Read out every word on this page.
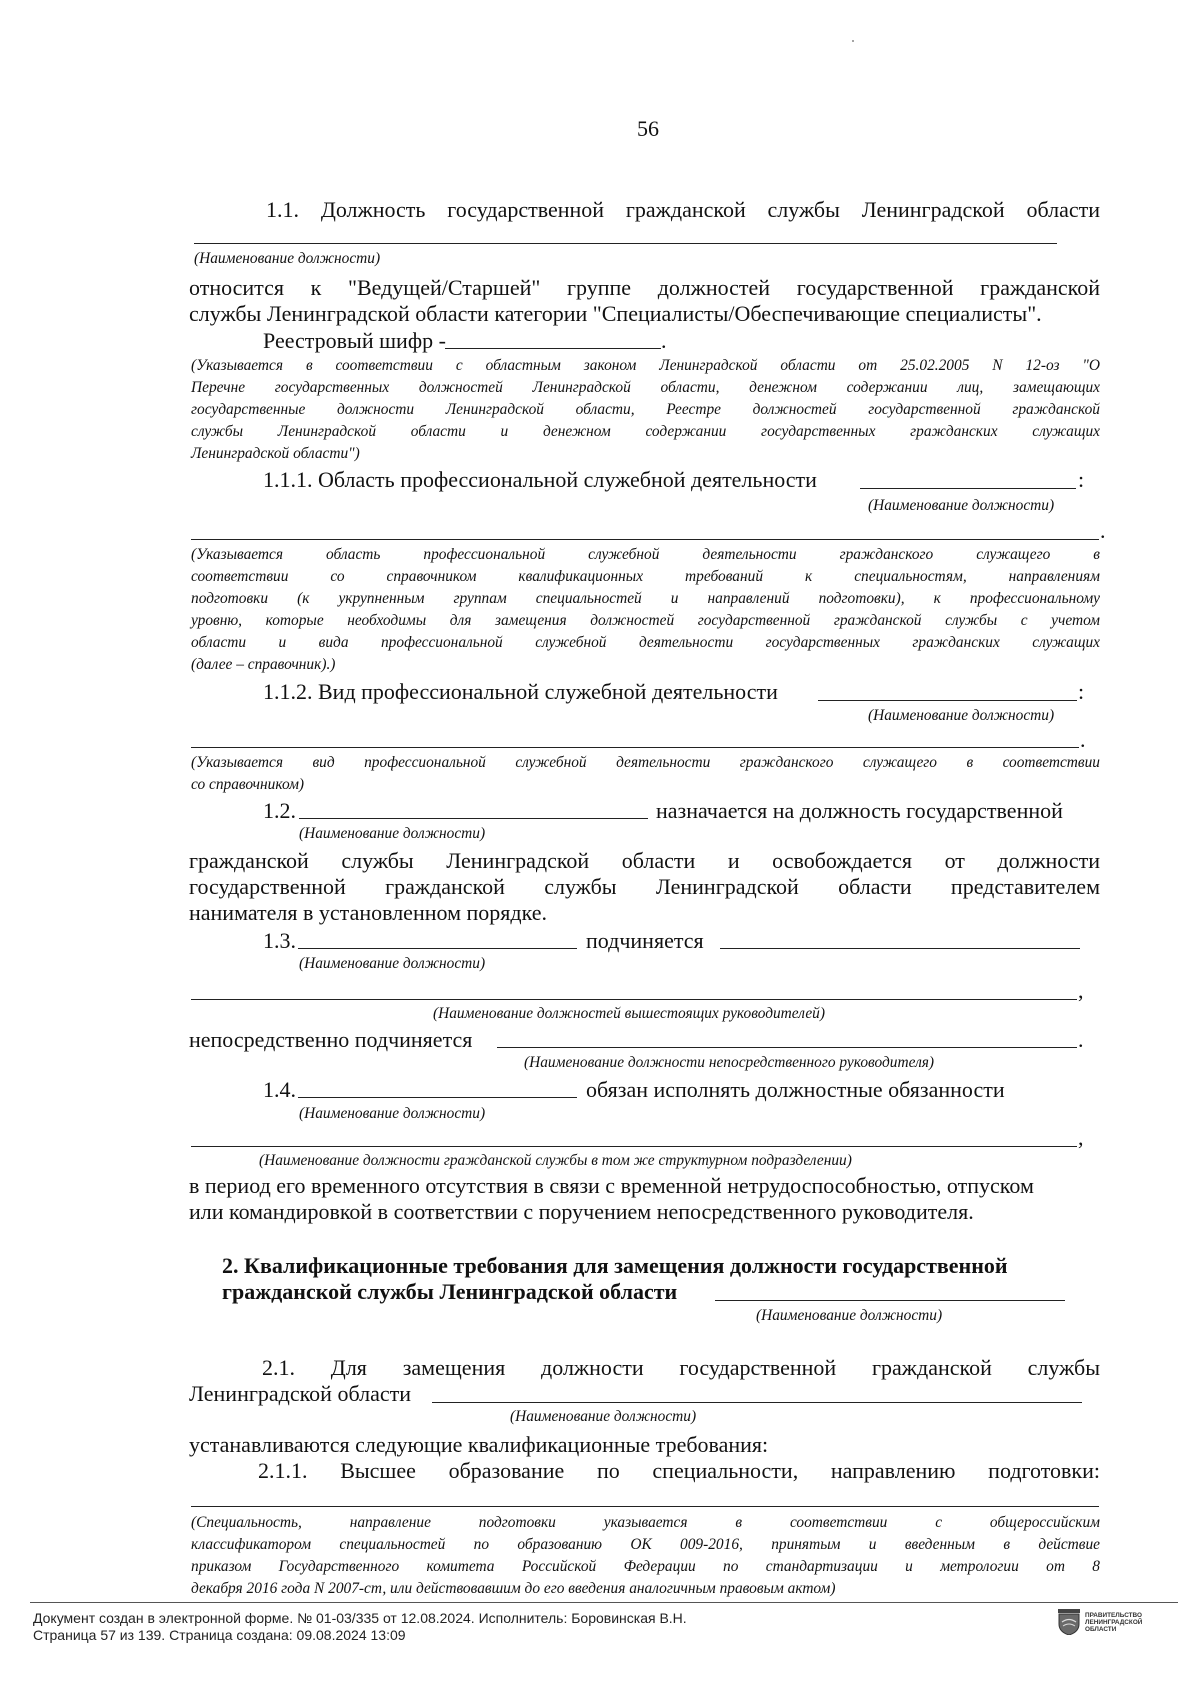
56
1.1. Должность государственной гражданской службы Ленинградской области
(Наименование должности)
относится к "Ведущей/Старшей" группе должностей государственной гражданской
службы Ленинградской области категории "Специалисты/Обеспечивающие специалисты".
Реестровый шифр -	.
(Указывается в соответствии с областным законом Ленинградской области от 25.02.2005 N 12-оз "О
Перечне государственных должностей Ленинградской области, денежном содержании лиц, замещающих
государственные должности Ленинградской области, Реестре должностей государственной гражданской
службы Ленинградской области и денежном содержании государственных гражданских служащих
Ленинградской области")
1.1.1. Область профессиональной служебной деятельности	:
(Наименование должности)
.
(Указывается область профессиональной служебной деятельности гражданского служащего в
соответствии со справочником квалификационных требований к специальностям, направлениям
подготовки (к укрупненным группам специальностей и направлений подготовки), к профессиональному
уровню, которые необходимы для замещения должностей государственной гражданской службы с учетом
области и вида профессиональной служебной деятельности государственных гражданских служащих
(далее – справочник).)
1.1.2. Вид профессиональной служебной деятельности	:
(Наименование должности)
.
(Указывается вид профессиональной служебной деятельности гражданского служащего в соответствии
со справочником)
1.2.	назначается на должность государственной
(Наименование должности)
гражданской службы Ленинградской области и освобождается от должности
государственной гражданской службы Ленинградской области представителем
нанимателя в установленном порядке.
1.3.	подчиняется
(Наименование должности)
,
(Наименование должностей вышестоящих руководителей)
непосредственно подчиняется	.
(Наименование должности непосредственного руководителя)
1.4.	обязан исполнять должностные обязанности
(Наименование должности)
,
(Наименование должности гражданской службы в том же структурном подразделении)
в период его временного отсутствия в связи с временной нетрудоспособностью, отпуском
или командировкой в соответствии с поручением непосредственного руководителя.
2. Квалификационные требования для замещения должности государственной
гражданской службы Ленинградской области
(Наименование должности)
2.1. Для замещения должности государственной гражданской службы
Ленинградской области
(Наименование должности)
устанавливаются следующие квалификационные требования:
2.1.1. Высшее образование по специальности, направлению подготовки:
(Специальность, направление подготовки указывается в соответствии с общероссийским
классификатором специальностей по образованию ОК 009-2016, принятым и введенным в действие
приказом Государственного комитета Российской Федерации по стандартизации и метрологии от 8
декабря 2016 года N 2007-ст, или действовавшим до его введения аналогичным правовым актом)
Документ создан в электронной форме. № 01-03/335 от 12.08.2024. Исполнитель: Боровинская В.Н.
Страница 57 из 139. Страница создана: 09.08.2024 13:09
ПРАВИТЕЛЬСТВО
ЛЕНИНГРАДСКОЙ
ОБЛАСТИ
